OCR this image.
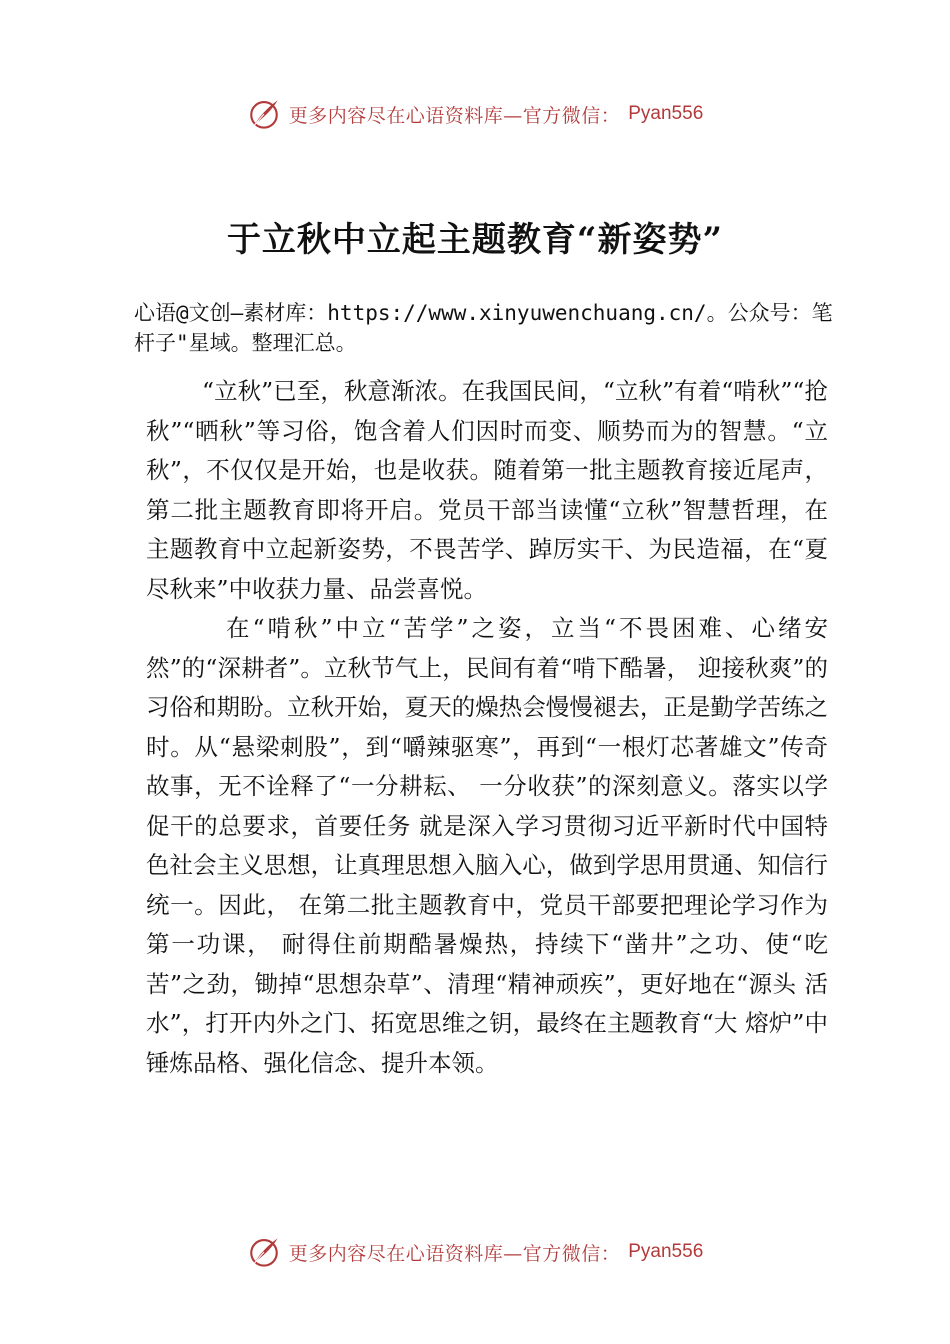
更多内容尽在心语资料库—官方微信： Pyan556
于立秋中立起主题教育“新姿势”
心语@文创—素材库：https://www.xinyuwenchuang.cn/。公众号：笔杆子"星域。整理汇总。

“立秋”已至，秋意渐浓。在我国民间，“立秋”有着“啃秋”“抢秋”“晒秋”等习俗，饱含着人们因时而变、顺势而为的智慧。“立秋”，不仅仅是开始，也是收获。随着第一批主题教育接近尾声，第二批主题教育即将开启。党员干部当读懂“立秋”智慧哲理，在主题教育中立起新姿势，不畏苦学、踔厉实干、为民造福，在“夏尽秋来”中收获力量、品尝喜悦。

在“啃秋”中立“苦学”之姿，立当“不畏困难、心绪安然”的“深耕者”。立秋节气上，民间有着“啃下酷暑， 迎接秋爽”的习俗和期盼。立秋开始，夏天的燥热会慢慢褪去，正是勤学苦练之时。从“悬梁刺股”，到“嚼辣驱寒”，再到“一根灯芯著雄文”传奇故事，无不诠释了“一分耕耘、 一分收获”的深刻意义。落实以学促干的总要求，首要任务 就是深入学习贯彻习近平新时代中国特色社会主义思想，让真理思想入脑入心，做到学思用贯通、知信行统一。因此， 在第二批主题教育中，党员干部要把理论学习作为第一功课， 耐得住前期酷暑燥热，持续下“凿井”之功、使“吃苦”之劲，锄掉“思想杂草”、清理“精神顽疾”，更好地在“源头 活水”，打开内外之门、拓宽思维之钥，最终在主题教育“大 熔炉”中锤炼品格、强化信念、提升本领。

更多内容尽在心语资料库—官方微信： Pyan556
